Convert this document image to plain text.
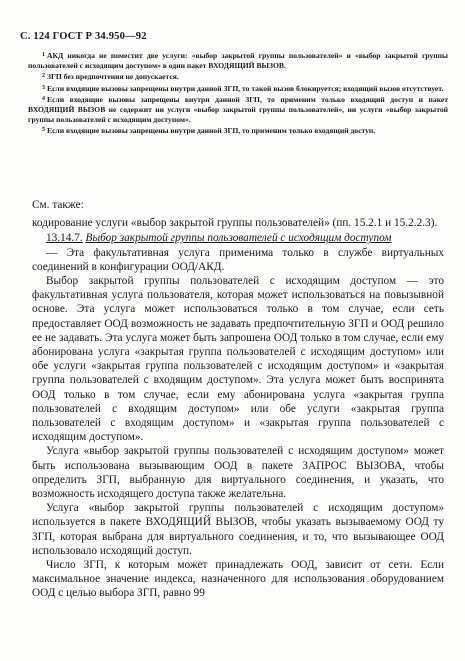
С. 124 ГОСТ Р 34.950—92

$^1$ АКД никогда не поместит две услуги: «выбор закрытой группы пользователей» и «выбор закрытой группы пользователей с исходящим доступом» в один пакет ВХОДЯЩИЙ ВЫЗОВ.

$^2$ ЗГП без предпочтения не допускается.

$^3$ Если входящие вызовы запрещены внутри данной ЗГП, то такой вызов блокируется; входящий вызов отсутствует.

$^4$ Если входящие вызовы запрещены внутри данной ЗГП, то применим только входящий доступ и пакет ВХОДЯЩИЙ ВЫЗОВ не содержит ни услуги «выбор закрытой группы пользователей», ни услуги «выбор закрытой группы пользователей с исходящим доступом».

$^5$ Если входящие вызовы запрещены внутри данной ЗГП, то применим только входящий доступ.

См. также:

кодирование услуги «выбор закрытой группы пользователей» (пп. 15.2.1 и 15.2.2.3).

13.14.7. Выбор закрытой группы пользователей с исходящим доступом

— Эта факультативная услуга применима только в службе виртуальных соединений в конфигурации ООД/АКД.

Выбор закрытой группы пользователей с исходящим доступом — это факультативная услуга пользователя, которая может использоваться на повызывной основе. Эта услуга может использоваться только в том случае, если сеть предоставляет ООД возможность не задавать предпочтительную ЗГП и ООД решило ее не задавать. Эта услуга может быть запрошена ООД только в том случае, если ему абонирована услуга «закрытая группа пользователей с исходящим доступом» или обе услуги «закрытая группа пользователей с исходящим доступом» и «закрытая группа пользователей с входящим доступом». Эта услуга может быть воспринята ООД только в том случае, если ему абонирована услуга «закрытая группа пользователей с входящим доступом» или обе услуги «закрытая группа пользователей с входящим доступом» и «закрытая группа пользователей с исходящим доступом».

Услуга «выбор закрытой группы пользователей с исходящим доступом» может быть использована вызывающим ООД в пакете ЗАПРОС ВЫЗОВА, чтобы определить ЗГП, выбранную для виртуального соединения, и указать, что возможность исходящего доступа также желательна.

Услуга «выбор закрытой группы пользователей с исходящим доступом» используется в пакете ВХОДЯЩИЙ ВЫЗОВ, чтобы указать вызываемому ООД ту ЗГП, которая выбрана для виртуального соединения, и то, что вызывающее ООД использовало исходящий доступ.

Число ЗГП, к которым может принадлежать ООД, зависит от сети. Если максимальное значение индекса, назначенного для использования оборудованием ООД с целью выбора ЗГП, равно 99
